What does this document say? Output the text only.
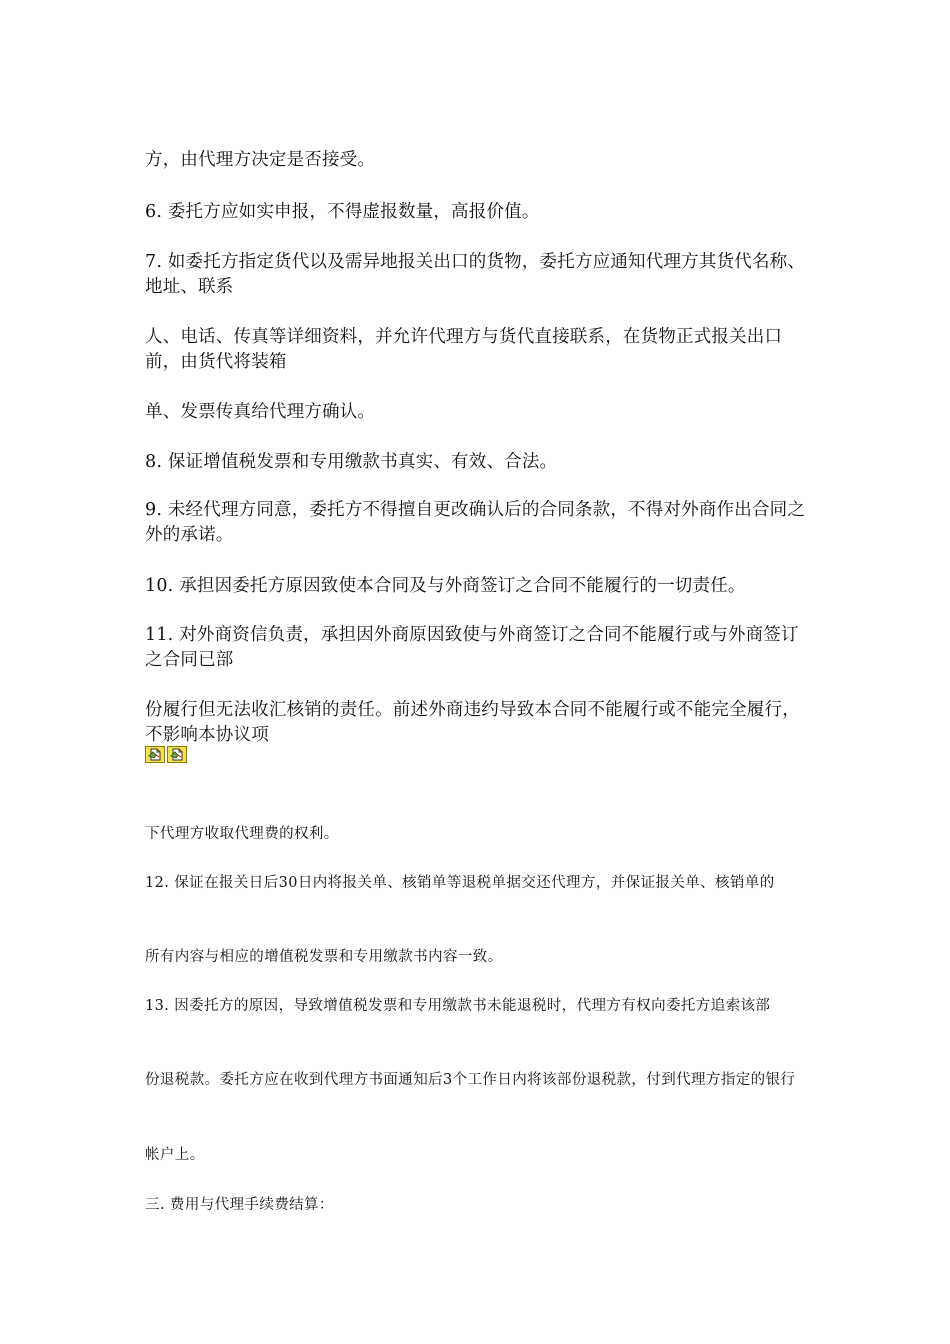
方，由代理方决定是否接受。

6. 委托方应如实申报，不得虚报数量，高报价值。

7. 如委托方指定货代以及需异地报关出口的货物，委托方应通知代理方其货代名称、地址、联系

人、电话、传真等详细资料，并允许代理方与货代直接联系，在货物正式报关出口前，由货代将装箱

单、发票传真给代理方确认。

8. 保证增值税发票和专用缴款书真实、有效、合法。

9. 未经代理方同意，委托方不得擅自更改确认后的合同条款，不得对外商作出合同之外的承诺。

10. 承担因委托方原因致使本合同及与外商签订之合同不能履行的一切责任。

11. 对外商资信负责，承担因外商原因致使与外商签订之合同不能履行或与外商签订之合同已部

份履行但无法收汇核销的责任。前述外商违约导致本合同不能履行或不能完全履行，不影响本协议项

下代理方收取代理费的权利。

12. 保证在报关日后30日内将报关单、核销单等退税单据交还代理方，并保证报关单、核销单的

所有内容与相应的增值税发票和专用缴款书内容一致。

13. 因委托方的原因，导致增值税发票和专用缴款书未能退税时，代理方有权向委托方追索该部

份退税款。委托方应在收到代理方书面通知后3个工作日内将该部份退税款，付到代理方指定的银行

帐户上。

三. 费用与代理手续费结算：
